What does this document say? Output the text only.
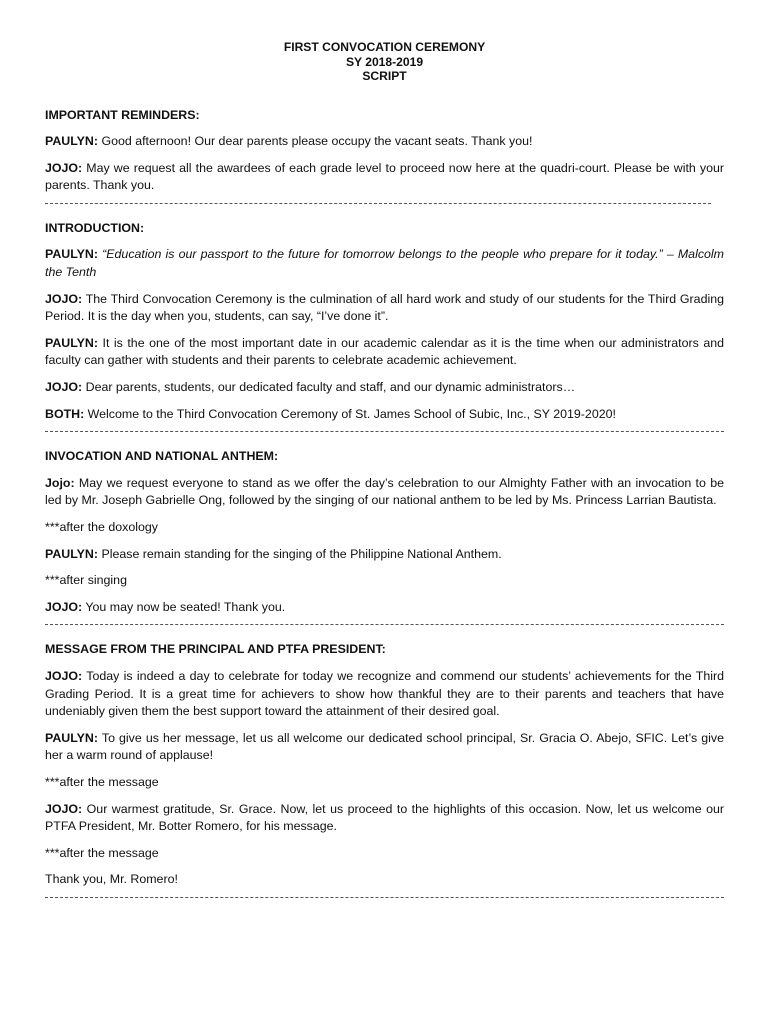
FIRST CONVOCATION CEREMONY
SY 2018-2019
SCRIPT
IMPORTANT REMINDERS:

PAULYN: Good afternoon! Our dear parents please occupy the vacant seats. Thank you!

JOJO: May we request all the awardees of each grade level to proceed now here at the quadri-court. Please be with your parents. Thank you.

INTRODUCTION:

PAULYN: “Education is our passport to the future for tomorrow belongs to the people who prepare for it today.” – Malcolm the Tenth

JOJO: The Third Convocation Ceremony is the culmination of all hard work and study of our students for the Third Grading Period. It is the day when you, students, can say, “I’ve done it”.

PAULYN: It is the one of the most important date in our academic calendar as it is the time when our administrators and faculty can gather with students and their parents to celebrate academic achievement.

JOJO: Dear parents, students, our dedicated faculty and staff, and our dynamic administrators…

BOTH: Welcome to the Third Convocation Ceremony of St. James School of Subic, Inc., SY 2019-2020!

INVOCATION AND NATIONAL ANTHEM:

Jojo: May we request everyone to stand as we offer the day’s celebration to our Almighty Father with an invocation to be led by Mr. Joseph Gabrielle Ong, followed by the singing of our national anthem to be led by Ms. Princess Larrian Bautista.

***after the doxology

PAULYN: Please remain standing for the singing of the Philippine National Anthem.

***after singing

JOJO: You may now be seated! Thank you.

MESSAGE FROM THE PRINCIPAL AND PTFA PRESIDENT:

JOJO: Today is indeed a day to celebrate for today we recognize and commend our students’ achievements for the Third Grading Period. It is a great time for achievers to show how thankful they are to their parents and teachers that have undeniably given them the best support toward the attainment of their desired goal.

PAULYN: To give us her message, let us all welcome our dedicated school principal, Sr. Gracia O. Abejo, SFIC. Let’s give her a warm round of applause!

***after the message

JOJO: Our warmest gratitude, Sr. Grace. Now, let us proceed to the highlights of this occasion. Now, let us welcome our PTFA President, Mr. Botter Romero, for his message.

***after the message

Thank you, Mr. Romero!
